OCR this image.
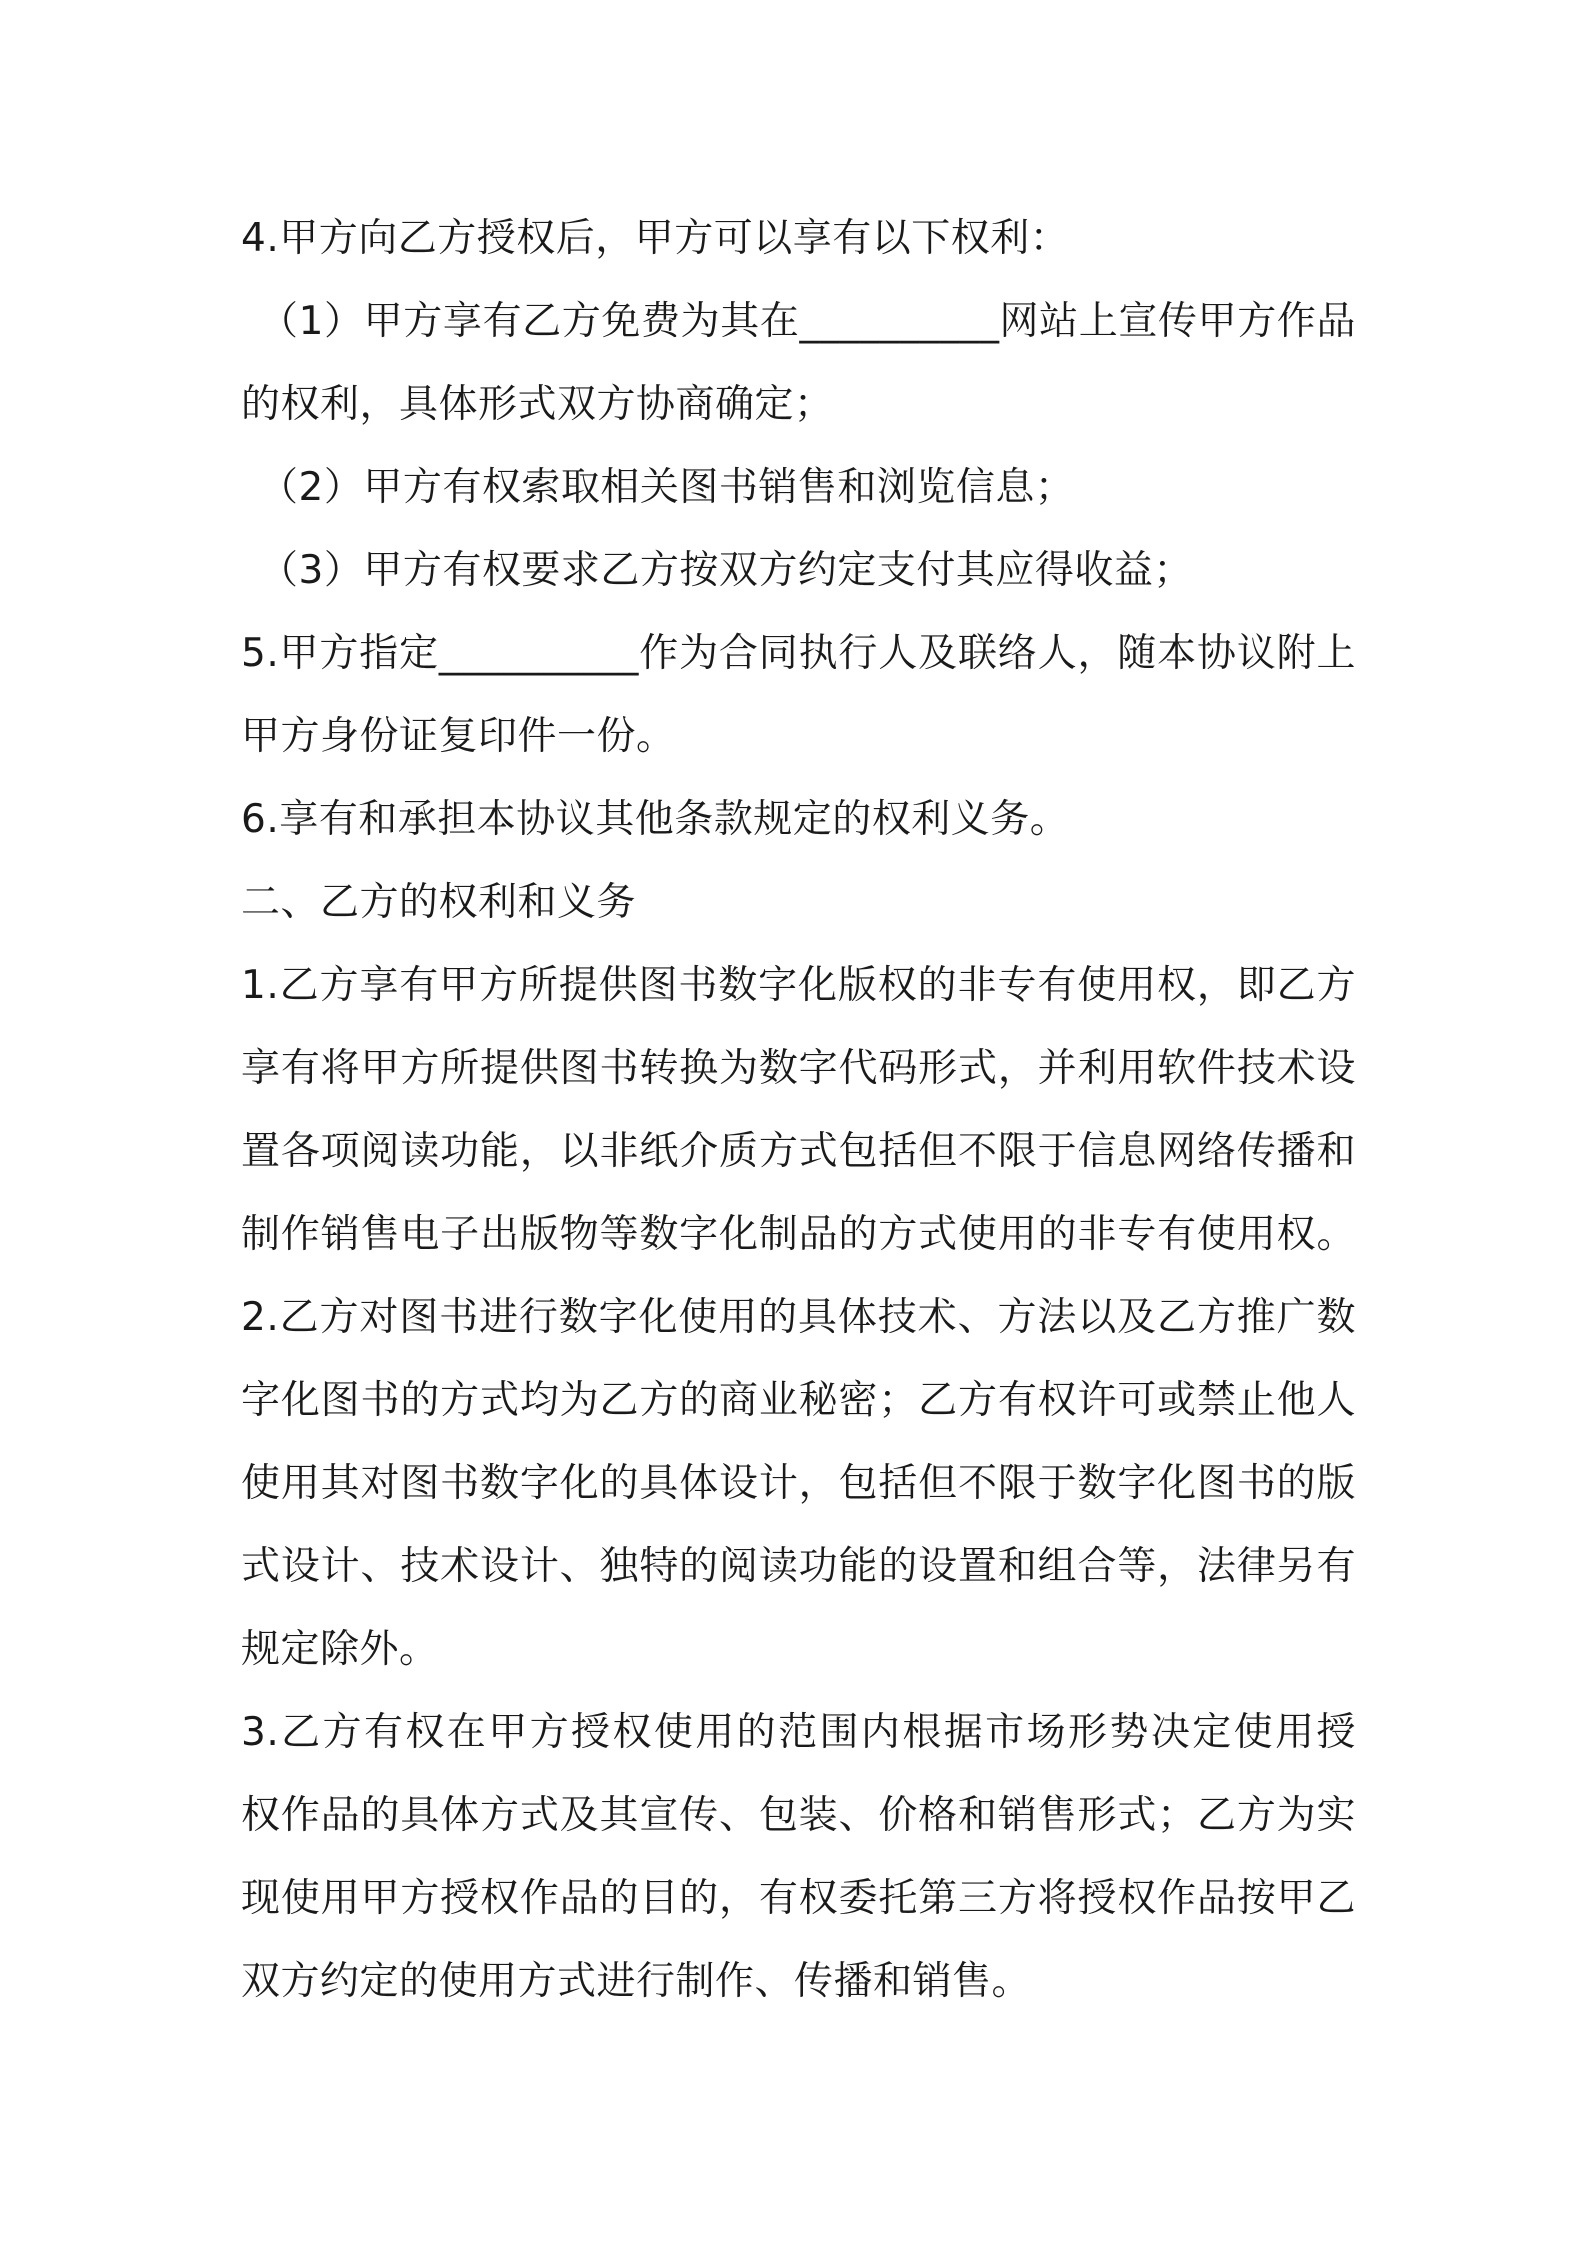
4.甲方向乙方授权后，甲方可以享有以下权利：
（1）甲方享有乙方免费为其在__________网站上宣传甲方作品
的权利，具体形式双方协商确定；
（2）甲方有权索取相关图书销售和浏览信息；
（3）甲方有权要求乙方按双方约定支付其应得收益；
5.甲方指定__________作为合同执行人及联络人，随本协议附上
甲方身份证复印件一份。
6.享有和承担本协议其他条款规定的权利义务。
二、乙方的权利和义务
1.乙方享有甲方所提供图书数字化版权的非专有使用权，即乙方
享有将甲方所提供图书转换为数字代码形式，并利用软件技术设
置各项阅读功能，以非纸介质方式包括但不限于信息网络传播和
制作销售电子出版物等数字化制品的方式使用的非专有使用权。
2.乙方对图书进行数字化使用的具体技术、方法以及乙方推广数
字化图书的方式均为乙方的商业秘密；乙方有权许可或禁止他人
使用其对图书数字化的具体设计，包括但不限于数字化图书的版
式设计、技术设计、独特的阅读功能的设置和组合等，法律另有
规定除外。
3.乙方有权在甲方授权使用的范围内根据市场形势决定使用授
权作品的具体方式及其宣传、包装、价格和销售形式；乙方为实
现使用甲方授权作品的目的，有权委托第三方将授权作品按甲乙
双方约定的使用方式进行制作、传播和销售。
